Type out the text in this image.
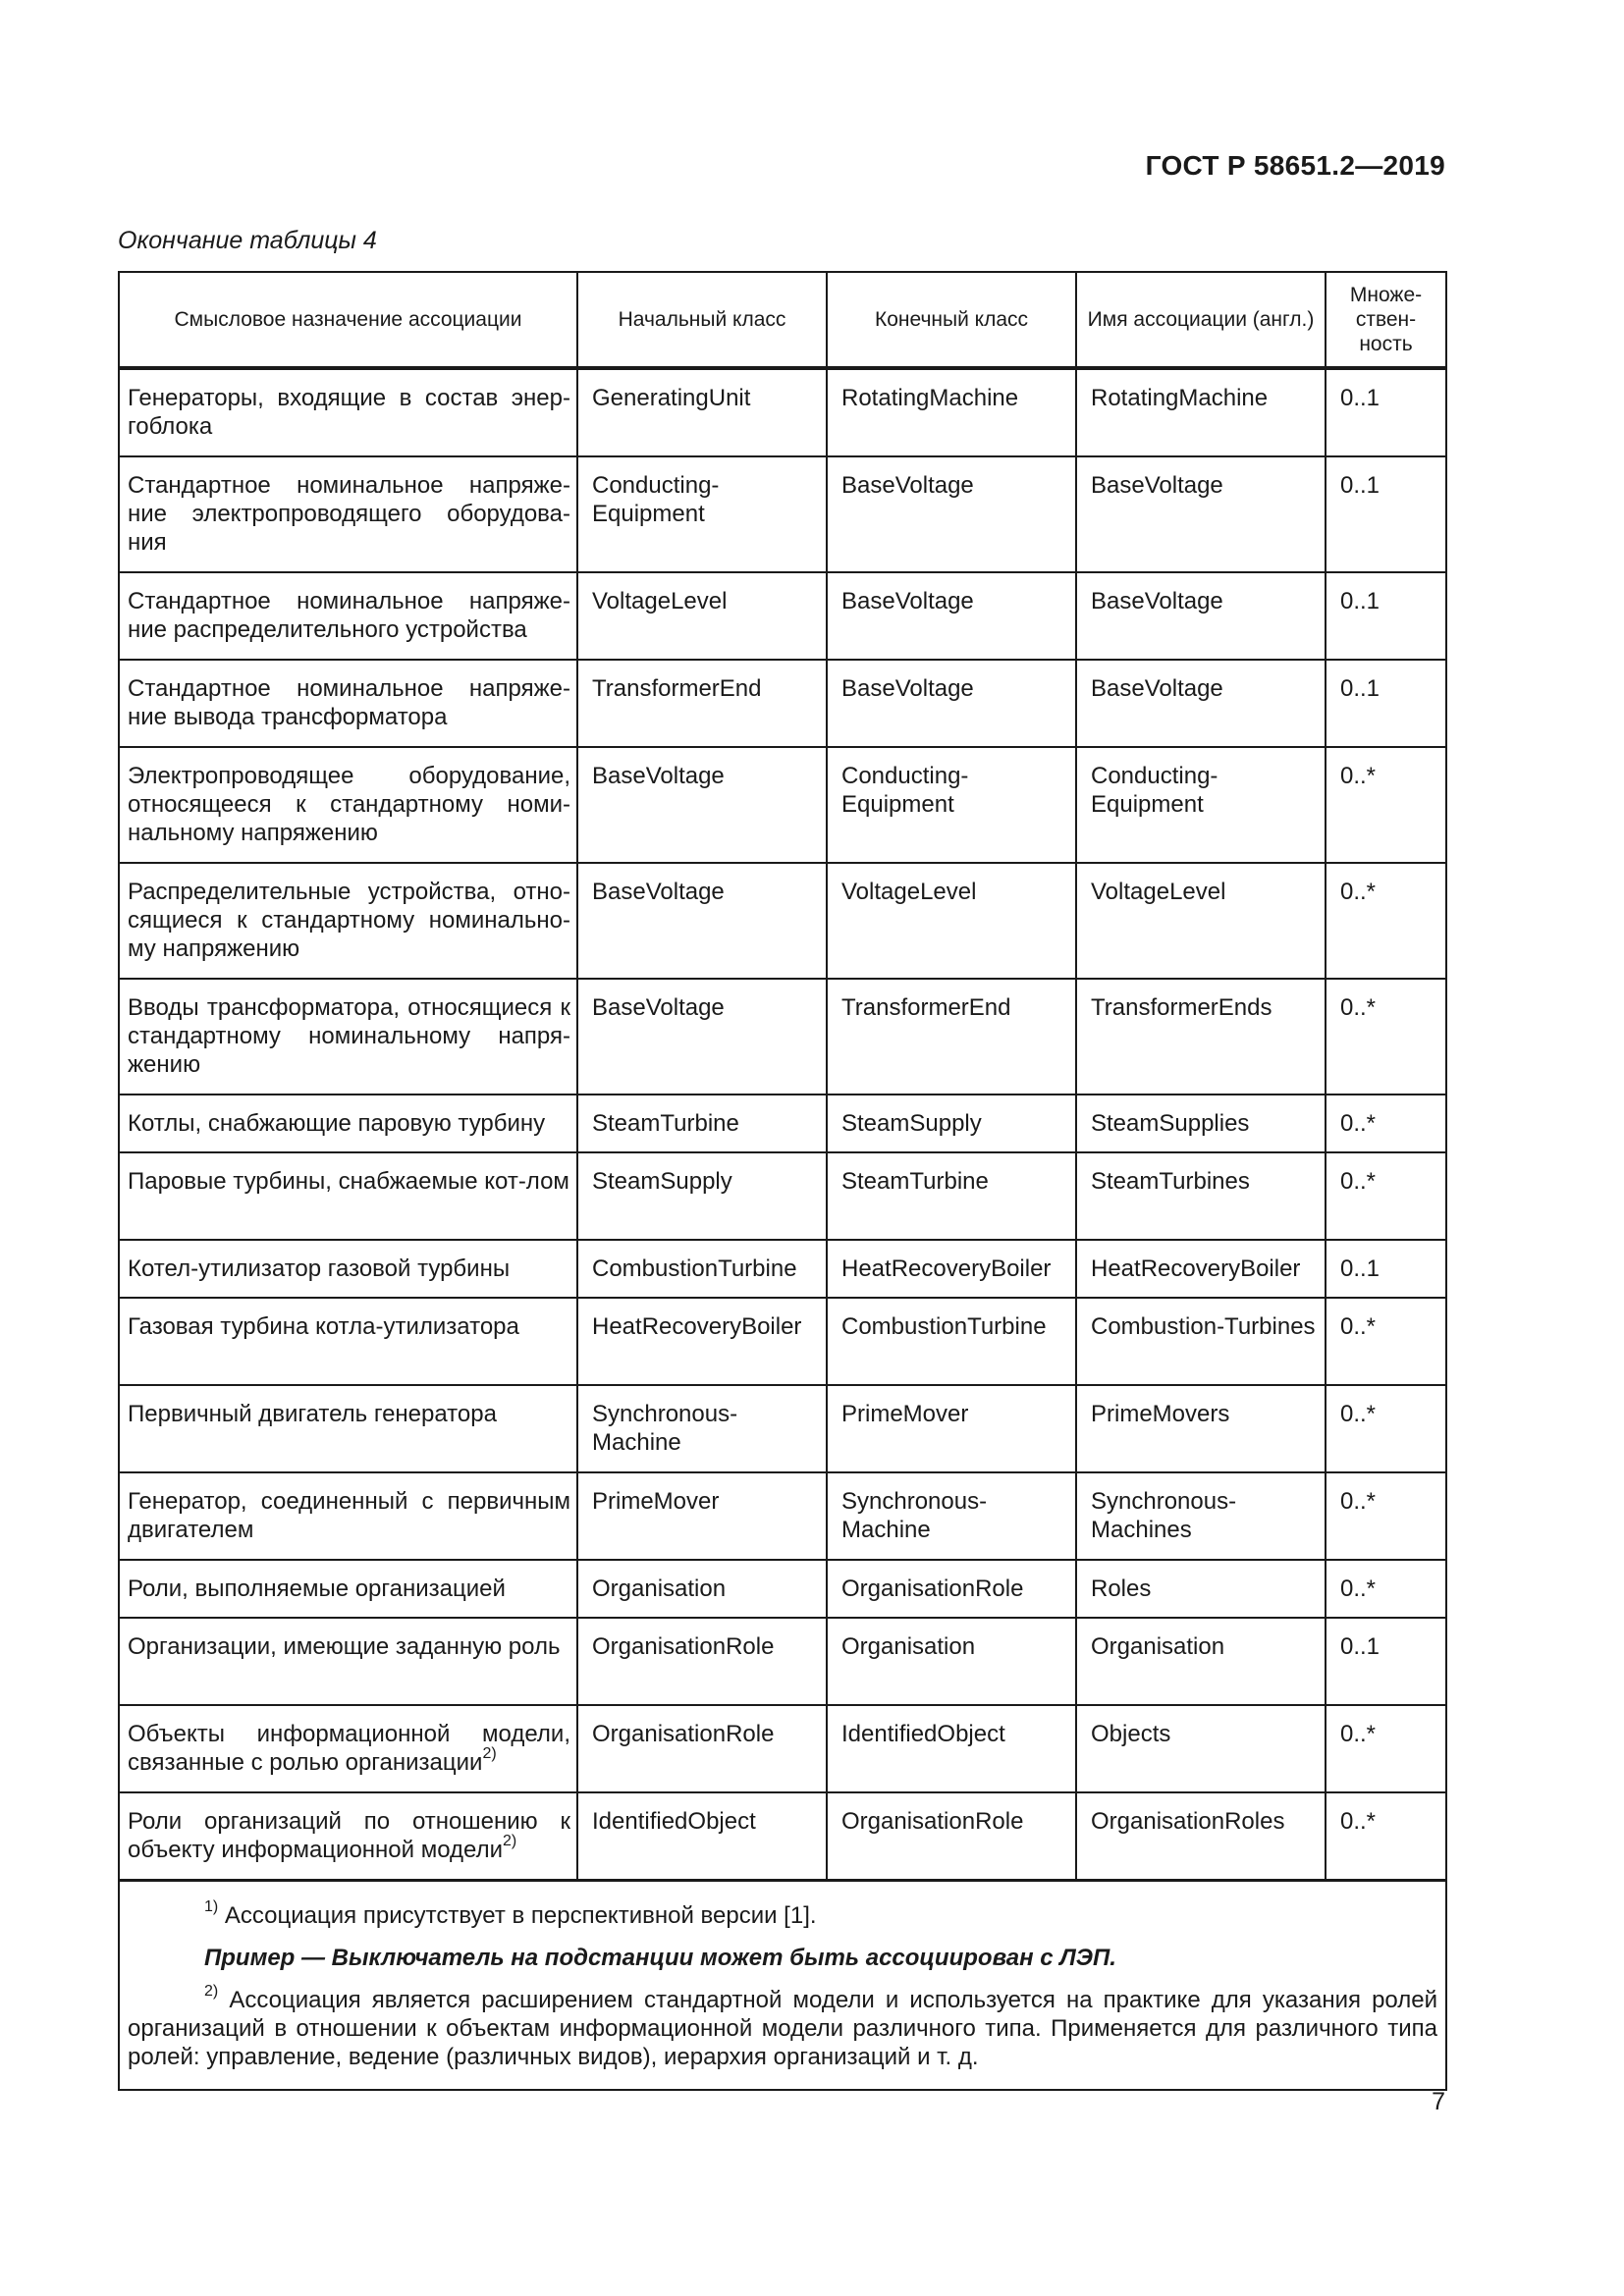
ГОСТ Р 58651.2—2019
Окончание таблицы 4
Смысловое назначение ассоциации	Начальный класс	Конечный класс	Имя ассоциации (англ.)	Множе-ствен-ность
Генераторы, входящие в состав энер-гоблока	GeneratingUnit	RotatingMachine	RotatingMachine	0..1
Стандартное номинальное напряже-ние электропроводящего оборудова-ния	Conducting-Equipment	BaseVoltage	BaseVoltage	0..1
Стандартное номинальное напряже-ние распределительного устройства	VoltageLevel	BaseVoltage	BaseVoltage	0..1
Стандартное номинальное напряже-ние вывода трансформатора	TransformerEnd	BaseVoltage	BaseVoltage	0..1
Электропроводящее оборудование, относящееся к стандартному номи-нальному напряжению	BaseVoltage	Conducting-Equipment	Conducting-Equipment	0..*
Распределительные устройства, отно-сящиеся к стандартному номинально-му напряжению	BaseVoltage	VoltageLevel	VoltageLevel	0..*
Вводы трансформатора, относящиеся к стандартному номинальному напря-жению	BaseVoltage	TransformerEnd	TransformerEnds	0..*
Котлы, снабжающие паровую турбину	SteamTurbine	SteamSupply	SteamSupplies	0..*
Паровые турбины, снабжаемые кот-лом	SteamSupply	SteamTurbine	SteamTurbines	0..*
Котел-утилизатор газовой турбины	CombustionTurbine	HeatRecoveryBoiler	HeatRecoveryBoiler	0..1
Газовая турбина котла-утилизатора	HeatRecoveryBoiler	CombustionTurbine	Combustion-Turbines	0..*
Первичный двигатель генератора	Synchronous-Machine	PrimeMover	PrimeMovers	0..*
Генератор, соединенный с первичным двигателем	PrimeMover	Synchronous-Machine	Synchronous-Machines	0..*
Роли, выполняемые организацией	Organisation	OrganisationRole	Roles	0..*
Организации, имеющие заданную роль	OrganisationRole	Organisation	Organisation	0..1
Объекты информационной модели, связанные с ролью организации$^{2)}$	OrganisationRole	IdentifiedObject	Objects	0..*
Роли организаций по отношению к объекту информационной модели$^{2)}$	IdentifiedObject	OrganisationRole	OrganisationRoles	0..*

$^{1)}$ Ассоциация присутствует в перспективной версии [1].

Пример — Выключатель на подстанции может быть ассоциирован с ЛЭП.

$^{2)}$ Ассоциация является расширением стандартной модели и используется на практике для указания ролей организаций в отношении к объектам информационной модели различного типа. Применяется для различного типа ролей: управление, ведение (различных видов), иерархия организаций и т. д.				

7
